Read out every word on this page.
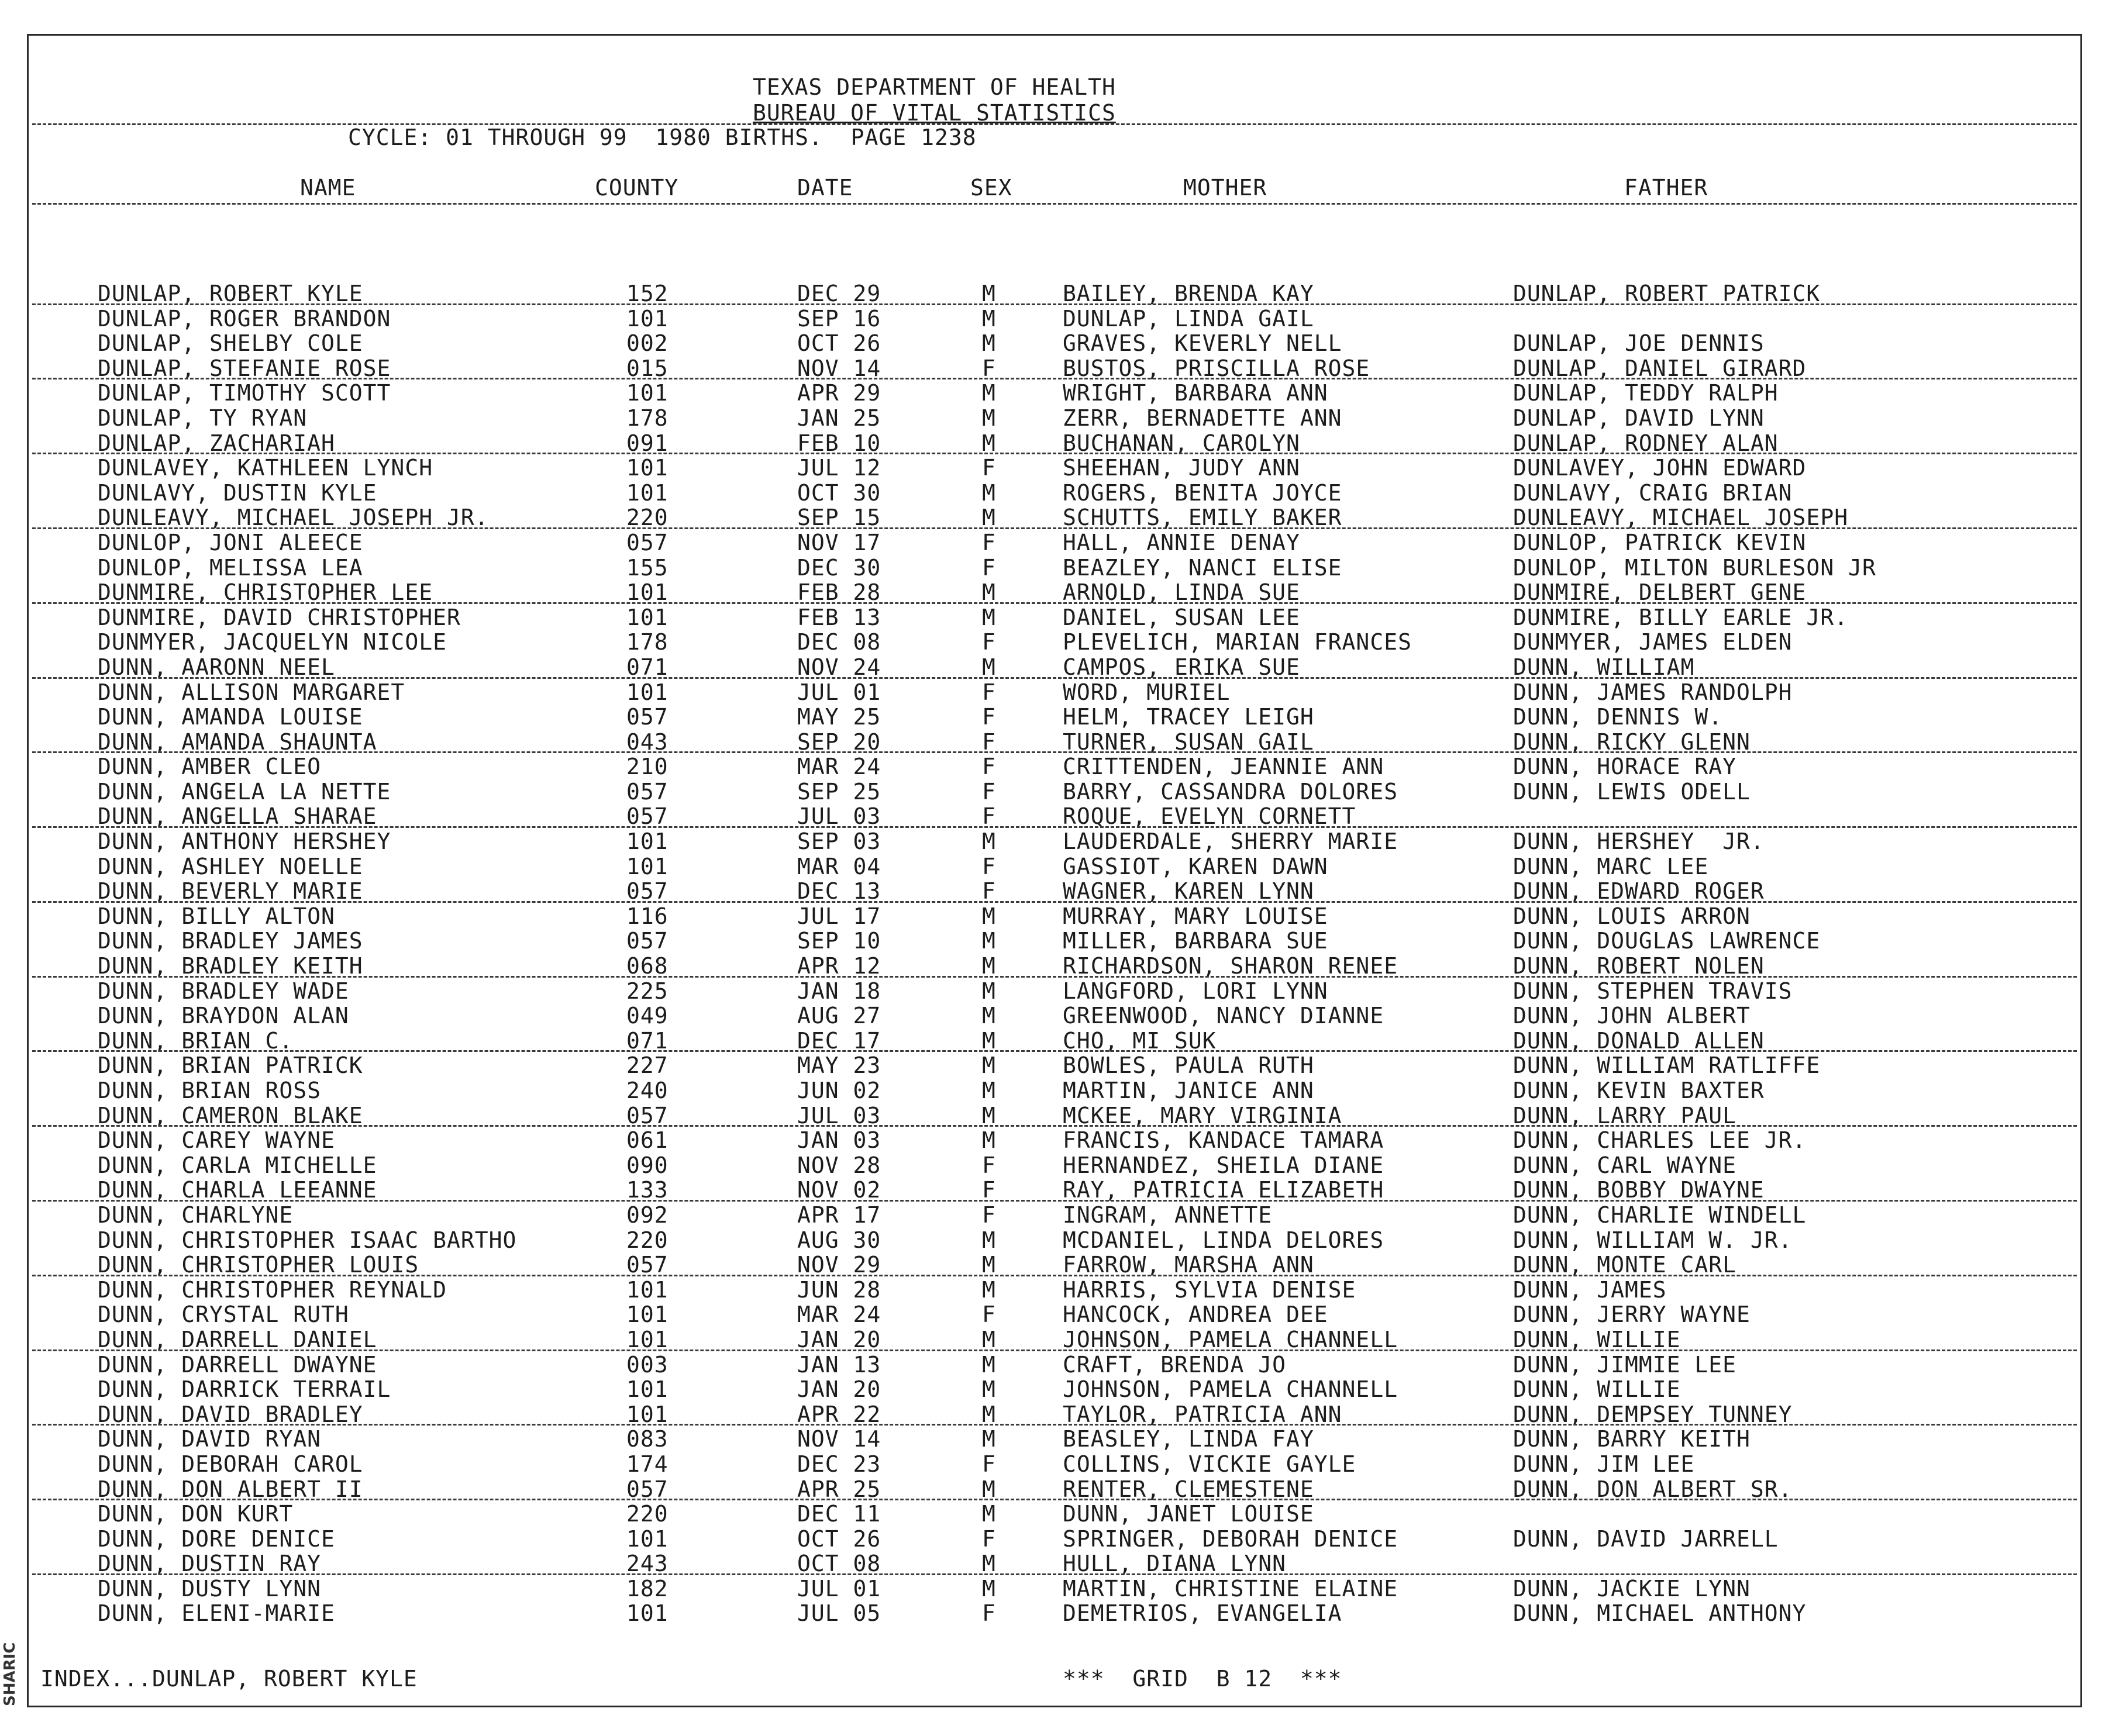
SHARIC
TEXAS DEPARTMENT OF HEALTH
BUREAU OF VITAL STATISTICS
CYCLE: 01 THROUGH 99 1980 BIRTHS. PAGE 1238
NAME	COUNTY	DATE	SEX	MOTHER	FATHER
DUNLAP, ROBERT KYLE	152	DEC 29	M	BAILEY, BRENDA KAY	DUNLAP, ROBERT PATRICK
DUNLAP, ROGER BRANDON	101	SEP 16	M	DUNLAP, LINDA GAIL
DUNLAP, SHELBY COLE	002	OCT 26	M	GRAVES, KEVERLY NELL	DUNLAP, JOE DENNIS
DUNLAP, STEFANIE ROSE	015	NOV 14	F	BUSTOS, PRISCILLA ROSE	DUNLAP, DANIEL GIRARD
DUNLAP, TIMOTHY SCOTT	101	APR 29	M	WRIGHT, BARBARA ANN	DUNLAP, TEDDY RALPH
DUNLAP, TY RYAN	178	JAN 25	M	ZERR, BERNADETTE ANN	DUNLAP, DAVID LYNN
DUNLAP, ZACHARIAH	091	FEB 10	M	BUCHANAN, CAROLYN	DUNLAP, RODNEY ALAN
DUNLAVEY, KATHLEEN LYNCH	101	JUL 12	F	SHEEHAN, JUDY ANN	DUNLAVEY, JOHN EDWARD
DUNLAVY, DUSTIN KYLE	101	OCT 30	M	ROGERS, BENITA JOYCE	DUNLAVY, CRAIG BRIAN
DUNLEAVY, MICHAEL JOSEPH JR.	220	SEP 15	M	SCHUTTS, EMILY BAKER	DUNLEAVY, MICHAEL JOSEPH
DUNLOP, JONI ALEECE	057	NOV 17	F	HALL, ANNIE DENAY	DUNLOP, PATRICK KEVIN
DUNLOP, MELISSA LEA	155	DEC 30	F	BEAZLEY, NANCI ELISE	DUNLOP, MILTON BURLESON JR
DUNMIRE, CHRISTOPHER LEE	101	FEB 28	M	ARNOLD, LINDA SUE	DUNMIRE, DELBERT GENE
DUNMIRE, DAVID CHRISTOPHER	101	FEB 13	M	DANIEL, SUSAN LEE	DUNMIRE, BILLY EARLE JR.
DUNMYER, JACQUELYN NICOLE	178	DEC 08	F	PLEVELICH, MARIAN FRANCES	DUNMYER, JAMES ELDEN
DUNN, AARONN NEEL	071	NOV 24	M	CAMPOS, ERIKA SUE	DUNN, WILLIAM
DUNN, ALLISON MARGARET	101	JUL 01	F	WORD, MURIEL	DUNN, JAMES RANDOLPH
DUNN, AMANDA LOUISE	057	MAY 25	F	HELM, TRACEY LEIGH	DUNN, DENNIS W.
DUNN, AMANDA SHAUNTA	043	SEP 20	F	TURNER, SUSAN GAIL	DUNN, RICKY GLENN
DUNN, AMBER CLEO	210	MAR 24	F	CRITTENDEN, JEANNIE ANN	DUNN, HORACE RAY
DUNN, ANGELA LA NETTE	057	SEP 25	F	BARRY, CASSANDRA DOLORES	DUNN, LEWIS ODELL
DUNN, ANGELLA SHARAE	057	JUL 03	F	ROQUE, EVELYN CORNETT
DUNN, ANTHONY HERSHEY	101	SEP 03	M	LAUDERDALE, SHERRY MARIE	DUNN, HERSHEY  JR.
DUNN, ASHLEY NOELLE	101	MAR 04	F	GASSIOT, KAREN DAWN	DUNN, MARC LEE
DUNN, BEVERLY MARIE	057	DEC 13	F	WAGNER, KAREN LYNN	DUNN, EDWARD ROGER
DUNN, BILLY ALTON	116	JUL 17	M	MURRAY, MARY LOUISE	DUNN, LOUIS ARRON
DUNN, BRADLEY JAMES	057	SEP 10	M	MILLER, BARBARA SUE	DUNN, DOUGLAS LAWRENCE
DUNN, BRADLEY KEITH	068	APR 12	M	RICHARDSON, SHARON RENEE	DUNN, ROBERT NOLEN
DUNN, BRADLEY WADE	225	JAN 18	M	LANGFORD, LORI LYNN	DUNN, STEPHEN TRAVIS
DUNN, BRAYDON ALAN	049	AUG 27	M	GREENWOOD, NANCY DIANNE	DUNN, JOHN ALBERT
DUNN, BRIAN C.	071	DEC 17	M	CHO, MI SUK	DUNN, DONALD ALLEN
DUNN, BRIAN PATRICK	227	MAY 23	M	BOWLES, PAULA RUTH	DUNN, WILLIAM RATLIFFE
DUNN, BRIAN ROSS	240	JUN 02	M	MARTIN, JANICE ANN	DUNN, KEVIN BAXTER
DUNN, CAMERON BLAKE	057	JUL 03	M	MCKEE, MARY VIRGINIA	DUNN, LARRY PAUL
DUNN, CAREY WAYNE	061	JAN 03	M	FRANCIS, KANDACE TAMARA	DUNN, CHARLES LEE JR.
DUNN, CARLA MICHELLE	090	NOV 28	F	HERNANDEZ, SHEILA DIANE	DUNN, CARL WAYNE
DUNN, CHARLA LEEANNE	133	NOV 02	F	RAY, PATRICIA ELIZABETH	DUNN, BOBBY DWAYNE
DUNN, CHARLYNE	092	APR 17	F	INGRAM, ANNETTE	DUNN, CHARLIE WINDELL
DUNN, CHRISTOPHER ISAAC BARTHO	220	AUG 30	M	MCDANIEL, LINDA DELORES	DUNN, WILLIAM W. JR.
DUNN, CHRISTOPHER LOUIS	057	NOV 29	M	FARROW, MARSHA ANN	DUNN, MONTE CARL
DUNN, CHRISTOPHER REYNALD	101	JUN 28	M	HARRIS, SYLVIA DENISE	DUNN, JAMES
DUNN, CRYSTAL RUTH	101	MAR 24	F	HANCOCK, ANDREA DEE	DUNN, JERRY WAYNE
DUNN, DARRELL DANIEL	101	JAN 20	M	JOHNSON, PAMELA CHANNELL	DUNN, WILLIE
DUNN, DARRELL DWAYNE	003	JAN 13	M	CRAFT, BRENDA JO	DUNN, JIMMIE LEE
DUNN, DARRICK TERRAIL	101	JAN 20	M	JOHNSON, PAMELA CHANNELL	DUNN, WILLIE
DUNN, DAVID BRADLEY	101	APR 22	M	TAYLOR, PATRICIA ANN	DUNN, DEMPSEY TUNNEY
DUNN, DAVID RYAN	083	NOV 14	M	BEASLEY, LINDA FAY	DUNN, BARRY KEITH
DUNN, DEBORAH CAROL	174	DEC 23	F	COLLINS, VICKIE GAYLE	DUNN, JIM LEE
DUNN, DON ALBERT II	057	APR 25	M	RENTER, CLEMESTENE	DUNN, DON ALBERT SR.
DUNN, DON KURT	220	DEC 11	M	DUNN, JANET LOUISE
DUNN, DORE DENICE	101	OCT 26	F	SPRINGER, DEBORAH DENICE	DUNN, DAVID JARRELL
DUNN, DUSTIN RAY	243	OCT 08	M	HULL, DIANA LYNN
DUNN, DUSTY LYNN	182	JUL 01	M	MARTIN, CHRISTINE ELAINE	DUNN, JACKIE LYNN
DUNN, ELENI-MARIE	101	JUL 05	F	DEMETRIOS, EVANGELIA	DUNN, MICHAEL ANTHONY
INDEX...DUNLAP, ROBERT KYLE	***  GRID  B 12  ***
